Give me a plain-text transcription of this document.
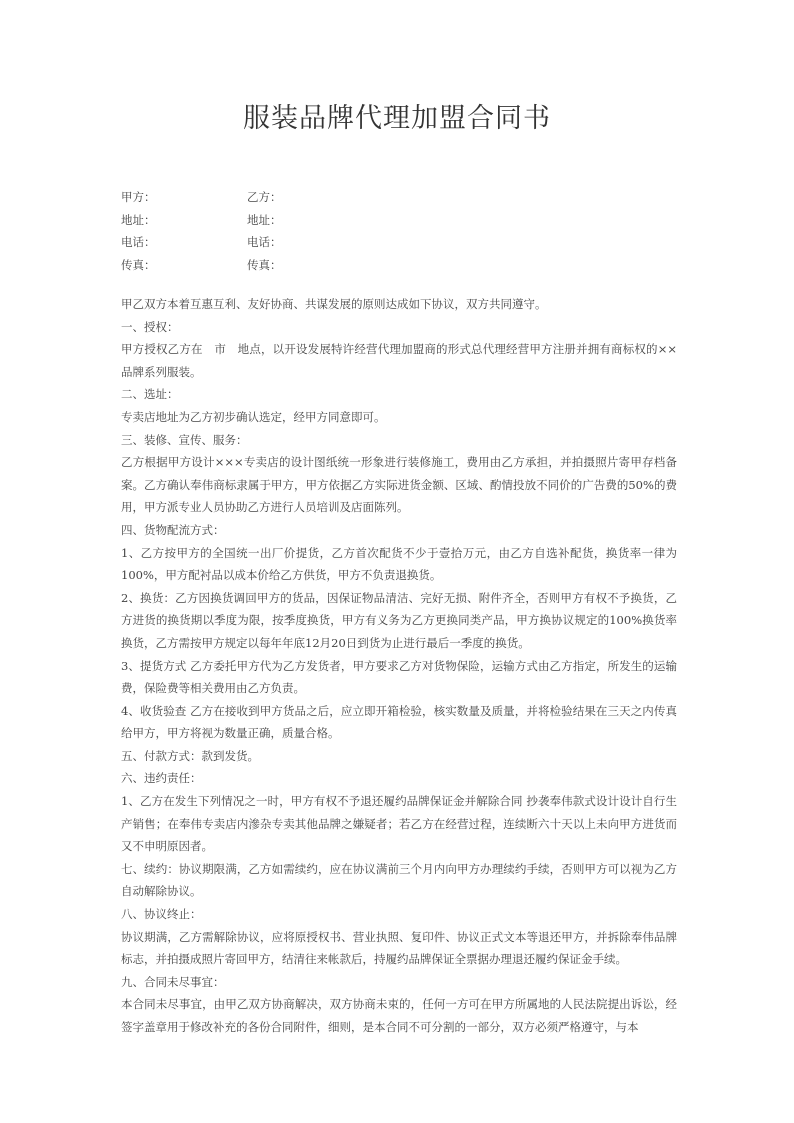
服装品牌代理加盟合同书
甲方：	乙方：
地址：	地址：
电话：	电话：
传真：	传真：

甲乙双方本着互惠互利、友好协商、共谋发展的原则达成如下协议，双方共同遵守。

一、授权：

甲方授权乙方在　市　地点，以开设发展特许经营代理加盟商的形式总代理经营甲方注册并拥有商标权的××品牌系列服装。

二、选址：

专卖店地址为乙方初步确认选定，经甲方同意即可。

三、装修、宣传、服务：

乙方根据甲方设计×××专卖店的设计图纸统一形象进行装修施工，费用由乙方承担，并拍摄照片寄甲存档备案。乙方确认奉伟商标隶属于甲方，甲方依据乙方实际进货金额、区域、酌情投放不同价的广告费的50%的费用，甲方派专业人员协助乙方进行人员培训及店面陈列。

四、货物配流方式：

1、乙方按甲方的全国统一出厂价提货，乙方首次配货不少于壹拾万元，由乙方自选补配货，换货率一律为100%，甲方配衬品以成本价给乙方供货，甲方不负责退换货。

2、换货：乙方因换货调回甲方的货品，因保证物品清洁、完好无损、附件齐全，否则甲方有权不予换货，乙方进货的换货期以季度为限，按季度换货，甲方有义务为乙方更换同类产品，甲方换协议规定的100%换货率换货，乙方需按甲方规定以每年年底12月20日到货为止进行最后一季度的换货。

3、提货方式 乙方委托甲方代为乙方发货者，甲方要求乙方对货物保险，运输方式由乙方指定，所发生的运输费，保险费等相关费用由乙方负责。

4、收货验查 乙方在接收到甲方货品之后，应立即开箱检验，核实数量及质量，并将检验结果在三天之内传真给甲方，甲方将视为数量正确，质量合格。

五、付款方式：款到发货。

六、违约责任：

1、乙方在发生下列情况之一时，甲方有权不予退还履约品牌保证金并解除合同 抄袭奉伟款式设计设计自行生产销售；在奉伟专卖店内滲杂专卖其他品牌之嫌疑者；若乙方在经营过程，连续断六十天以上未向甲方进货而又不申明原因者。

七、续约：协议期限满，乙方如需续约，应在协议满前三个月内向甲方办理续约手续，否则甲方可以视为乙方自动解除协议。

八、协议终止：

协议期满，乙方需解除协议，应将原授权书、营业执照、复印件、协议正式文本等退还甲方，并拆除奉伟品牌标志，并拍摄成照片寄回甲方，结清往来帐款后，持履约品牌保证全票据办理退还履约保证金手续。

九、合同未尽事宜：

本合同未尽事宜，由甲乙双方协商解决，双方协商未束的，任何一方可在甲方所属地的人民法院提出诉讼，经签字盖章用于修改补充的各份合同附件，细则，是本合同不可分割的一部分，双方必须严格遵守，与本
